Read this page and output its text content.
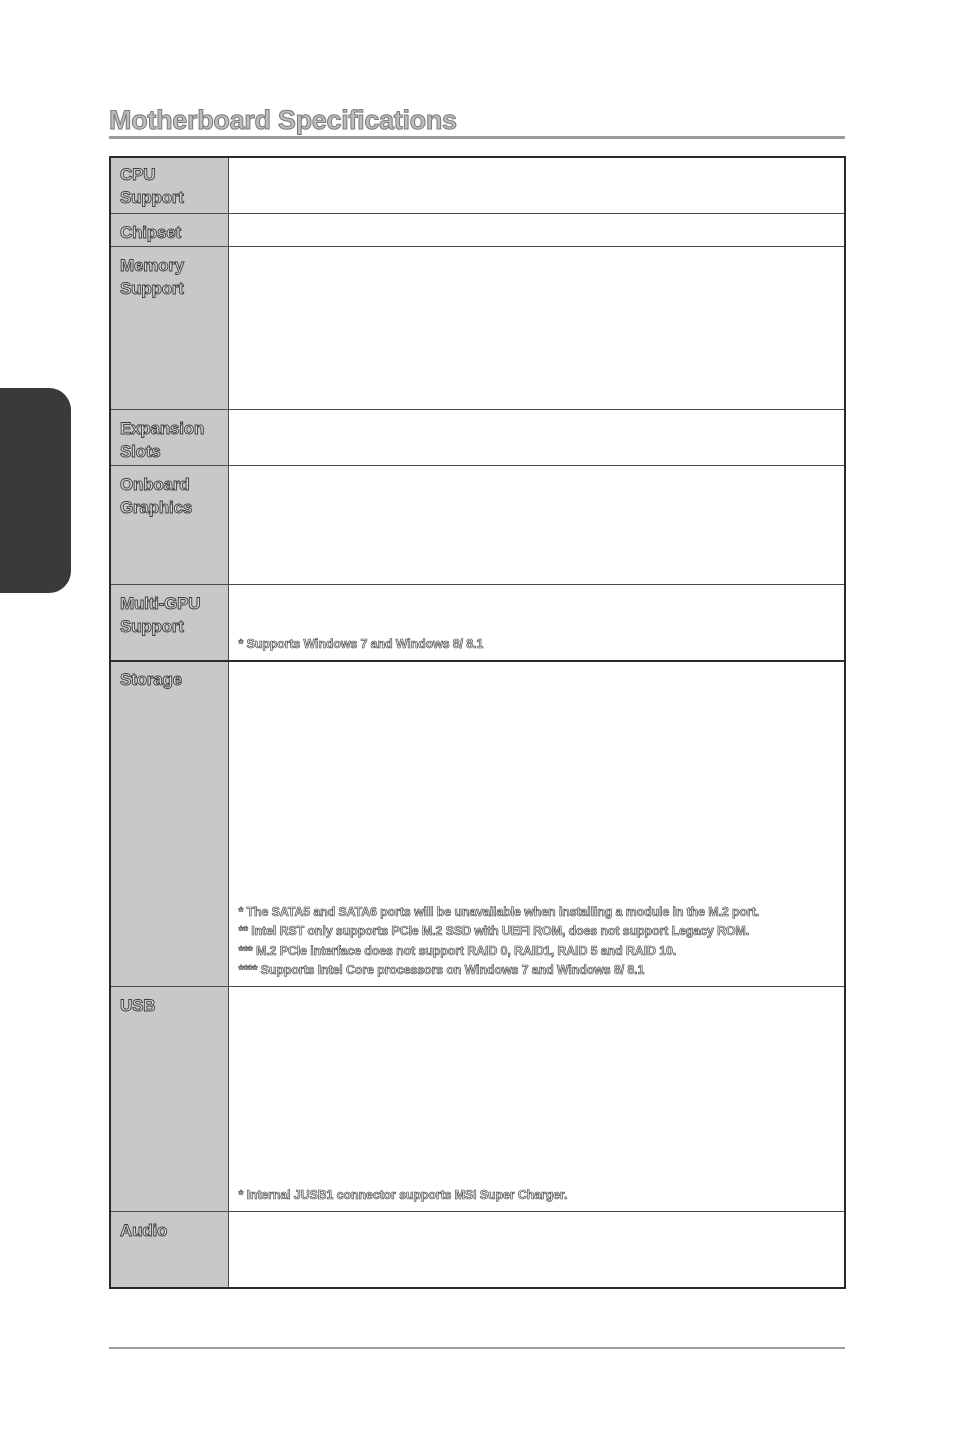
Motherboard Specifications
CPU
Support	

Chipset	

Memory
Support	

Expansion
Slots	

Onboard
Graphics	

Multi-GPU
Support	* Supports Windows 7 and Windows 8/ 8.1

Storage	* The SATA5 and SATA6 ports will be unavailable when installing a module in the M.2 port.
** Intel RST only supports PCIe M.2 SSD with UEFI ROM, does not support Legacy ROM.
*** M.2 PCIe interface does not support RAID 0, RAID1, RAID 5 and RAID 10.
**** Supports Intel Core processors on Windows 7 and Windows 8/ 8.1

USB	* Internal JUSB1 connector supports MSI Super Charger.

Audio	
